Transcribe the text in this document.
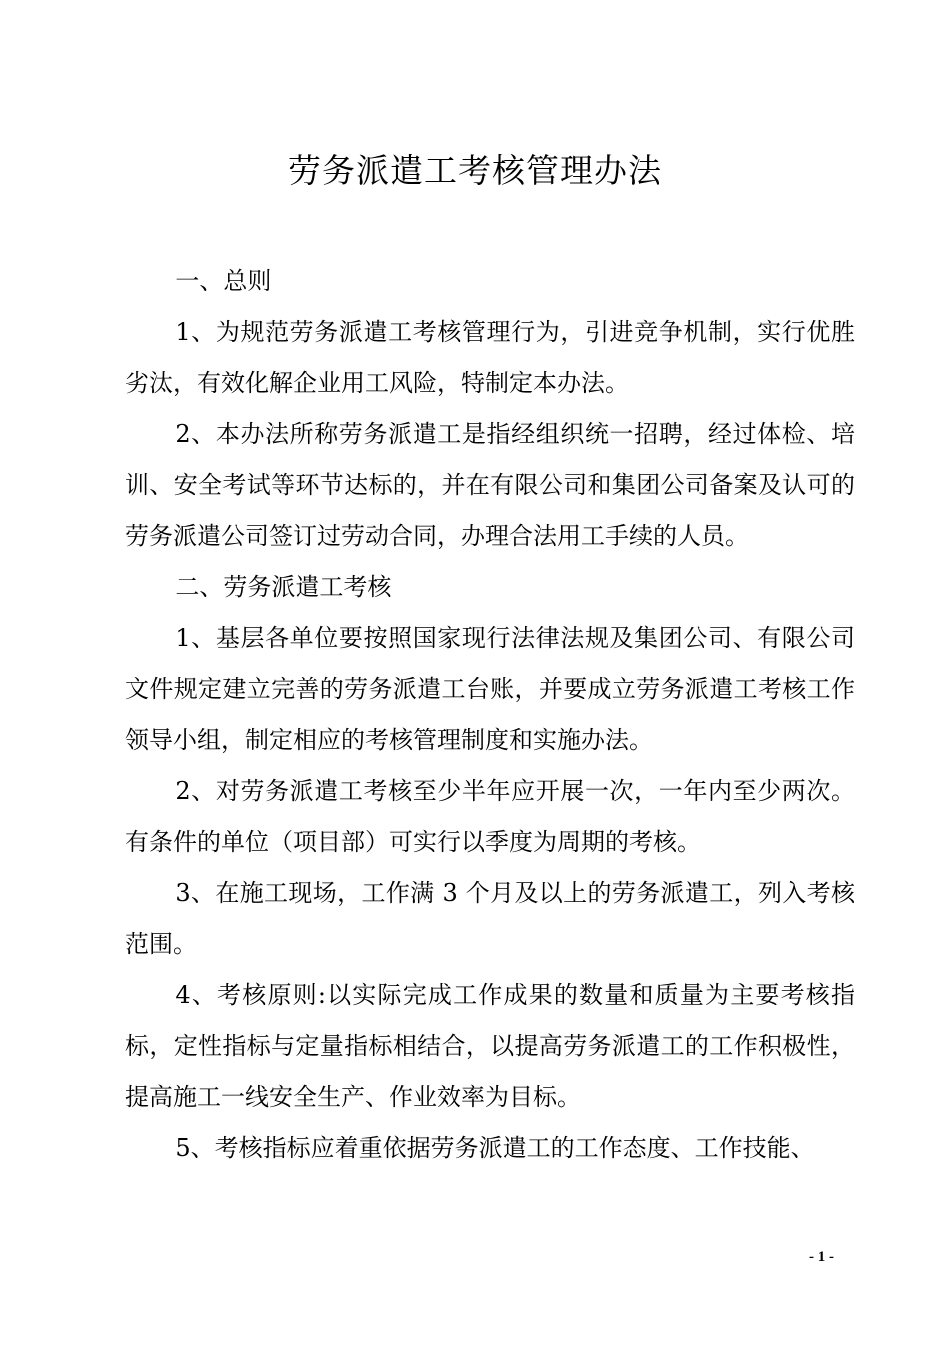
劳务派遣工考核管理办法

一、总则

1、为规范劳务派遣工考核管理行为，引进竞争机制，实行优胜劣汰，有效化解企业用工风险，特制定本办法。

2、本办法所称劳务派遣工是指经组织统一招聘，经过体检、培训、安全考试等环节达标的，并在有限公司和集团公司备案及认可的劳务派遣公司签订过劳动合同，办理合法用工手续的人员。

二、劳务派遣工考核

1、基层各单位要按照国家现行法律法规及集团公司、有限公司文件规定建立完善的劳务派遣工台账，并要成立劳务派遣工考核工作领导小组，制定相应的考核管理制度和实施办法。

2、对劳务派遣工考核至少半年应开展一次，一年内至少两次。有条件的单位（项目部）可实行以季度为周期的考核。

3、在施工现场，工作满 3 个月及以上的劳务派遣工，列入考核范围。

4、考核原则:以实际完成工作成果的数量和质量为主要考核指标，定性指标与定量指标相结合，以提高劳务派遣工的工作积极性，提高施工一线安全生产、作业效率为目标。

5、考核指标应着重依据劳务派遣工的工作态度、工作技能、

- 1 -
